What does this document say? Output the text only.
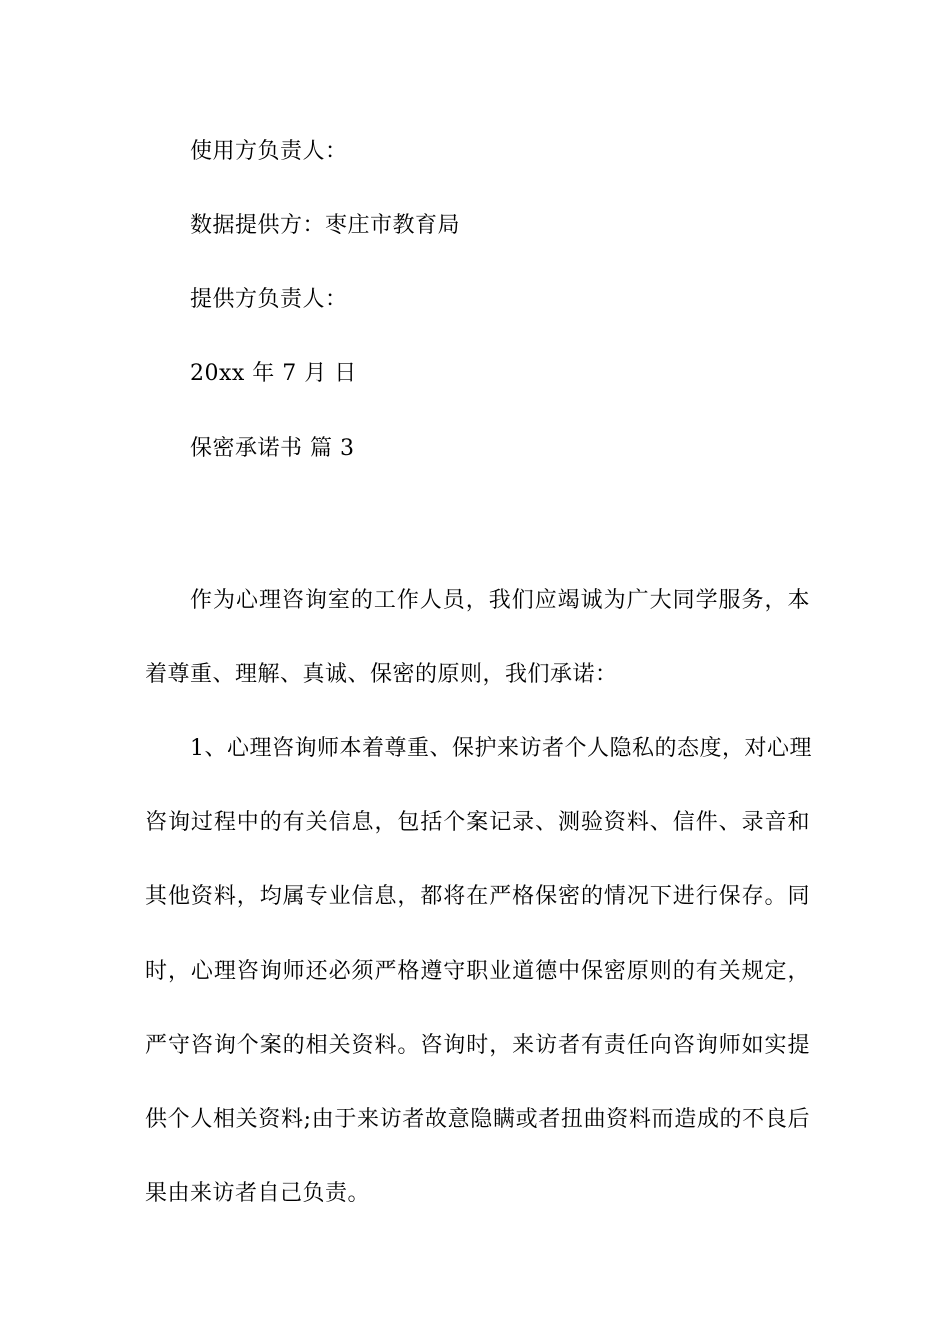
使用方负责人：
数据提供方：枣庄市教育局
提供方负责人：
20xx 年 7 月 日
保密承诺书 篇 3
作为心理咨询室的工作人员，我们应竭诚为广大同学服务，本
着尊重、理解、真诚、保密的原则，我们承诺：
1、心理咨询师本着尊重、保护来访者个人隐私的态度，对心理
咨询过程中的有关信息，包括个案记录、测验资料、信件、录音和
其他资料，均属专业信息，都将在严格保密的情况下进行保存。同
时，心理咨询师还必须严格遵守职业道德中保密原则的有关规定，
严守咨询个案的相关资料。咨询时，来访者有责任向咨询师如实提
供个人相关资料;由于来访者故意隐瞒或者扭曲资料而造成的不良后
果由来访者自己负责。
